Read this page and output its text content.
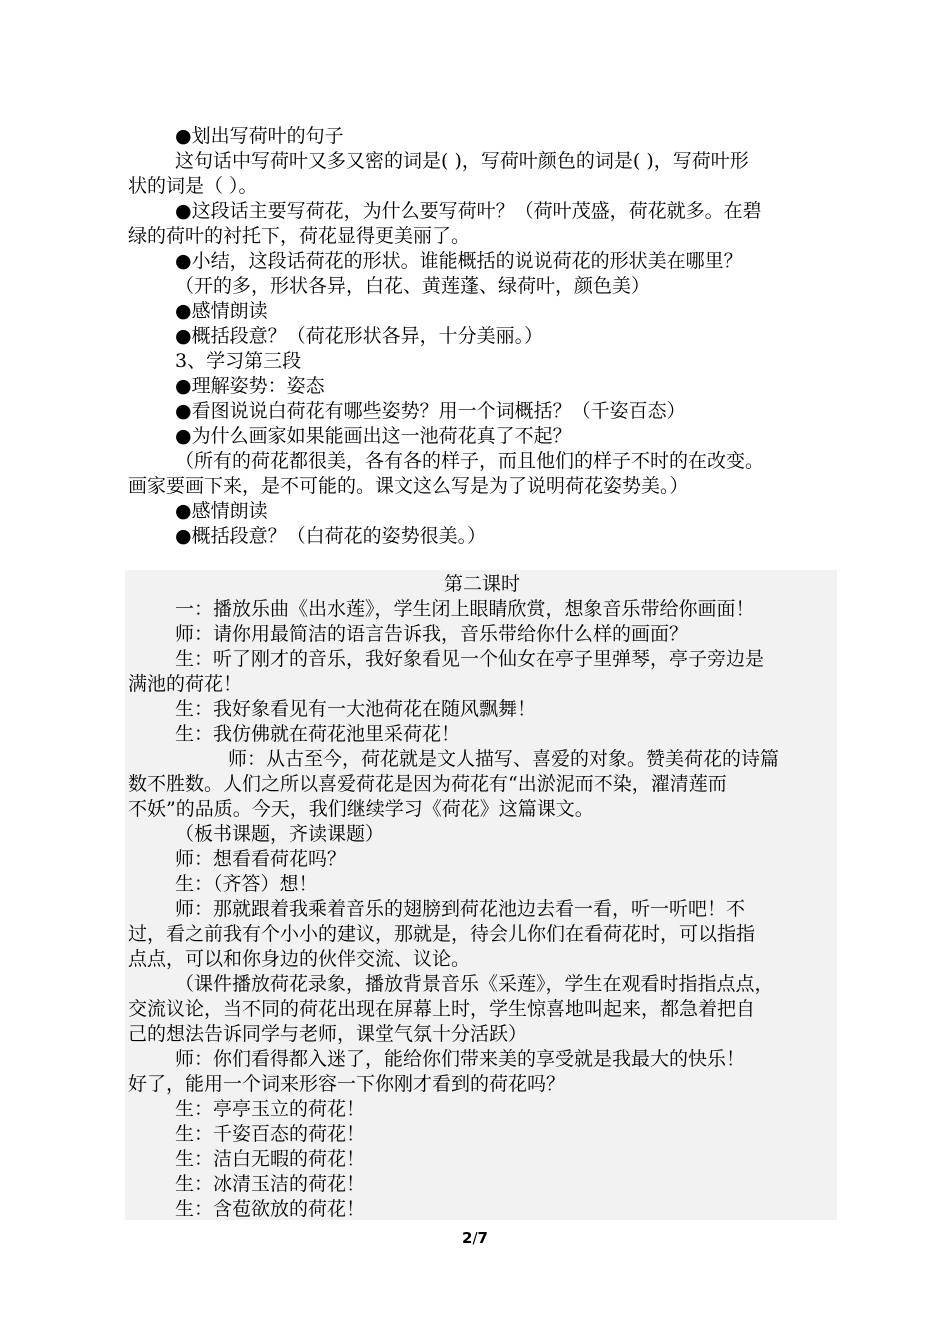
●划出写荷叶的句子

这句话中写荷叶又多又密的词是( )，写荷叶颜色的词是( )，写荷叶形

状的词是（ ）。

●这段话主要写荷花，为什么要写荷叶？（荷叶茂盛，荷花就多。在碧

绿的荷叶的衬托下，荷花显得更美丽了。

●小结，这段话荷花的形状。谁能概括的说说荷花的形状美在哪里？

（开的多，形状各异，白花、黄莲蓬、绿荷叶，颜色美）

●感情朗读

●概括段意？（荷花形状各异，十分美丽。）

3、学习第三段

●理解姿势：姿态

●看图说说白荷花有哪些姿势？用一个词概括？（千姿百态）

●为什么画家如果能画出这一池荷花真了不起？

（所有的荷花都很美，各有各的样子，而且他们的样子不时的在改变。

画家要画下来，是不可能的。课文这么写是为了说明荷花姿势美。）

●感情朗读

●概括段意？（白荷花的姿势很美。）

第二课时

一：播放乐曲《出水莲》，学生闭上眼睛欣赏，想象音乐带给你画面！

师：请你用最简洁的语言告诉我，音乐带给你什么样的画面？

生：听了刚才的音乐，我好象看见一个仙女在亭子里弹琴，亭子旁边是

满池的荷花！

生：我好象看见有一大池荷花在随风飘舞！

生：我仿佛就在荷花池里采荷花！

师：从古至今，荷花就是文人描写、喜爱的对象。赞美荷花的诗篇

数不胜数。人们之所以喜爱荷花是因为荷花有“出淤泥而不染，濯清莲而

不妖”的品质。今天，我们继续学习《荷花》这篇课文。

（板书课题，齐读课题）

师：想看看荷花吗？

生：（齐答）想！

师：那就跟着我乘着音乐的翅膀到荷花池边去看一看，听一听吧！不

过，看之前我有个小小的建议，那就是，待会儿你们在看荷花时，可以指指

点点，可以和你身边的伙伴交流、议论。

（课件播放荷花录象，播放背景音乐《采莲》，学生在观看时指指点点，

交流议论，当不同的荷花出现在屏幕上时，学生惊喜地叫起来，都急着把自

己的想法告诉同学与老师，课堂气氛十分活跃）

师：你们看得都入迷了，能给你们带来美的享受就是我最大的快乐！

好了，能用一个词来形容一下你刚才看到的荷花吗？

生：亭亭玉立的荷花！

生：千姿百态的荷花！

生：洁白无暇的荷花！

生：冰清玉洁的荷花！

生：含苞欲放的荷花！

2/7
